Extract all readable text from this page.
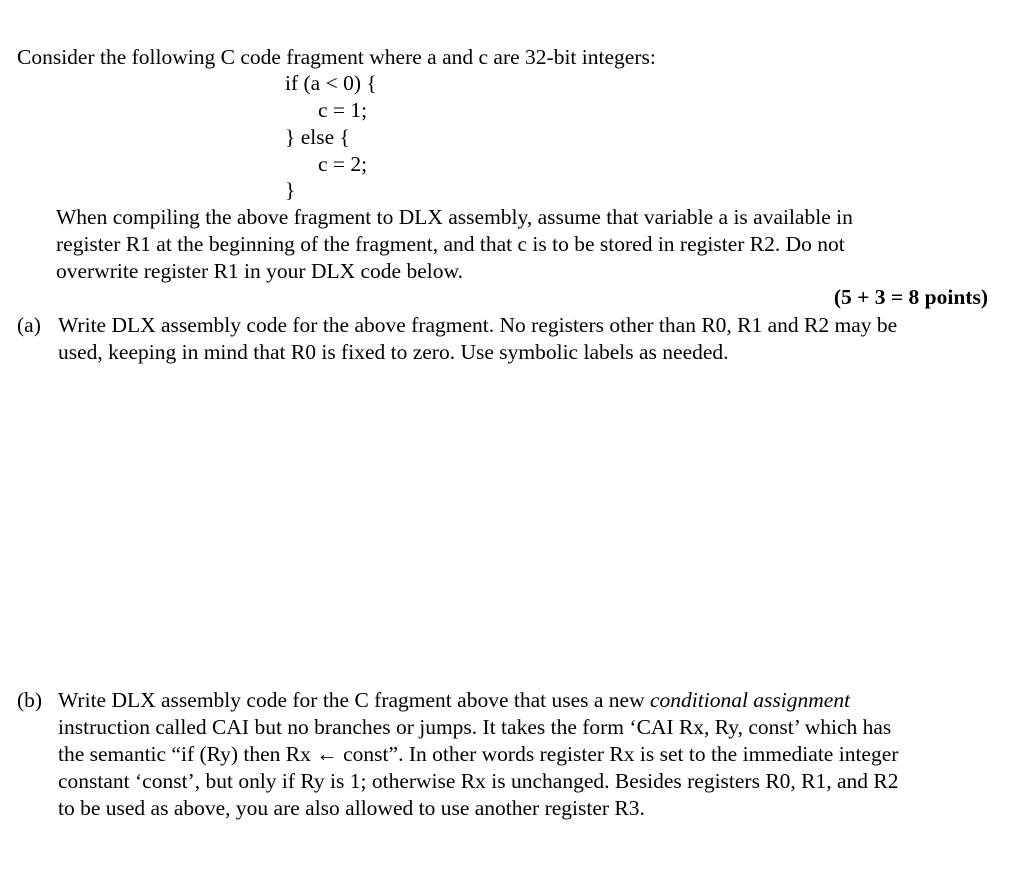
Consider the following C code fragment where a and c are 32-bit integers:

if (a < 0) {

c = 1;

} else {

c = 2;

}

When compiling the above fragment to DLX assembly, assume that variable a is available in

register R1 at the beginning of the fragment, and that c is to be stored in register R2. Do not

overwrite register R1 in your DLX code below.

(5 + 3 = 8 points)

(a) Write DLX assembly code for the above fragment. No registers other than R0, R1 and R2 may be

used, keeping in mind that R0 is fixed to zero. Use symbolic labels as needed.

(b) Write DLX assembly code for the C fragment above that uses a new conditional assignment

instruction called CAI but no branches or jumps. It takes the form ‘CAI Rx, Ry, const’ which has

the semantic “if (Ry) then Rx ← const”. In other words register Rx is set to the immediate integer

constant ‘const’, but only if Ry is 1; otherwise Rx is unchanged. Besides registers R0, R1, and R2

to be used as above, you are also allowed to use another register R3.
